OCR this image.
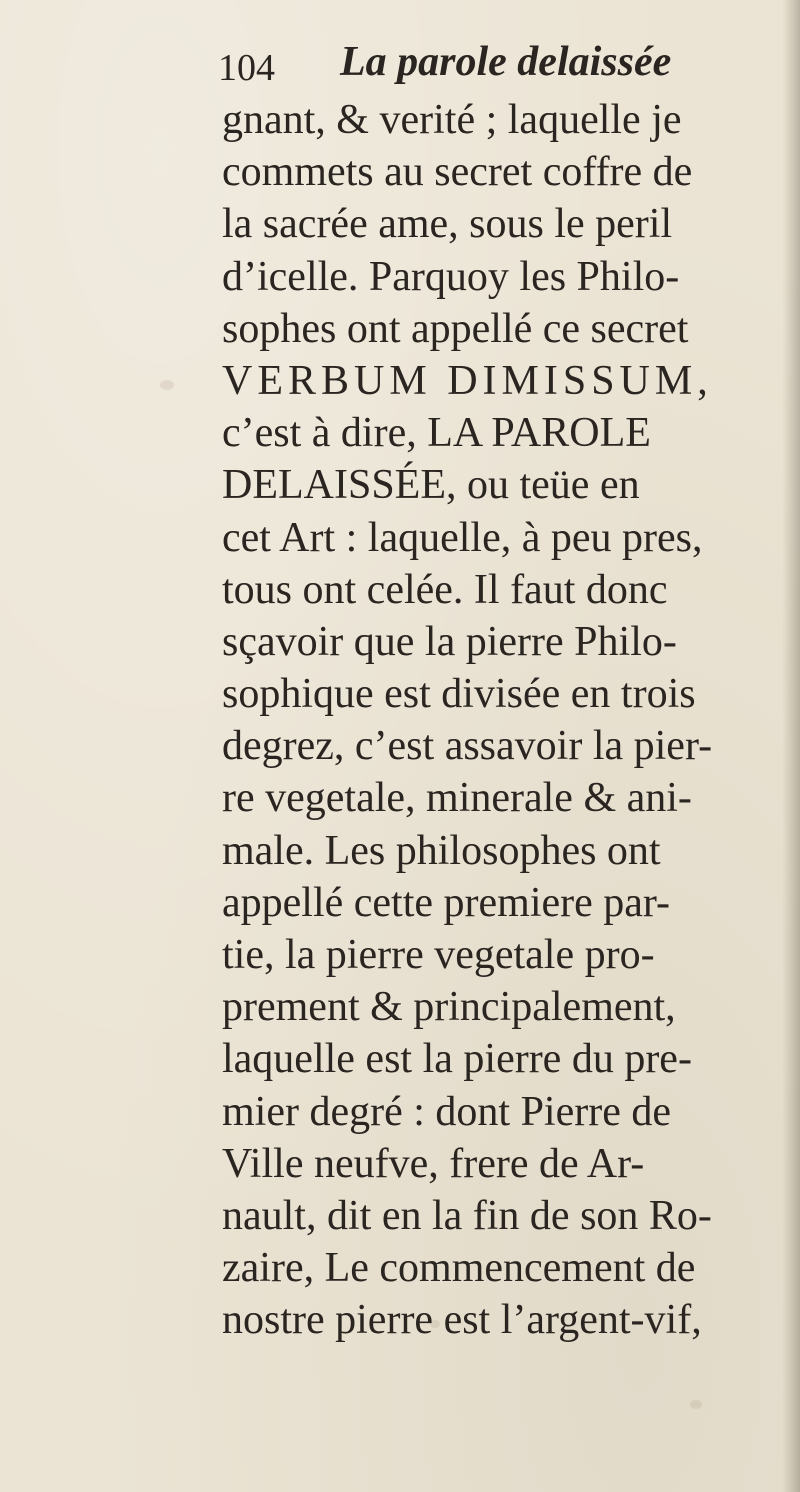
104 La parole delaissée
gnant, & verité ; laquelle je
commets au secret coffre de
la sacrée ame, sous le peril
d’icelle. Parquoy les Philo-
sophes ont appellé ce secret
VERBUM DIMISSUM,
c’est à dire, LA PAROLE
DELAISSÉE, ou teüe en
cet Art : laquelle, à peu pres,
tous ont celée. Il faut donc
sçavoir que la pierre Philo-
sophique est divisée en trois
degrez, c’est assavoir la pier-
re vegetale, minerale & ani-
male. Les philosophes ont
appellé cette premiere par-
tie, la pierre vegetale pro-
prement & principalement,
laquelle est la pierre du pre-
mier degré : dont Pierre de
Ville neufve, frere de Ar-
nault, dit en la fin de son Ro-
zaire, Le commencement de
nostre pierre est l’argent-vif,
